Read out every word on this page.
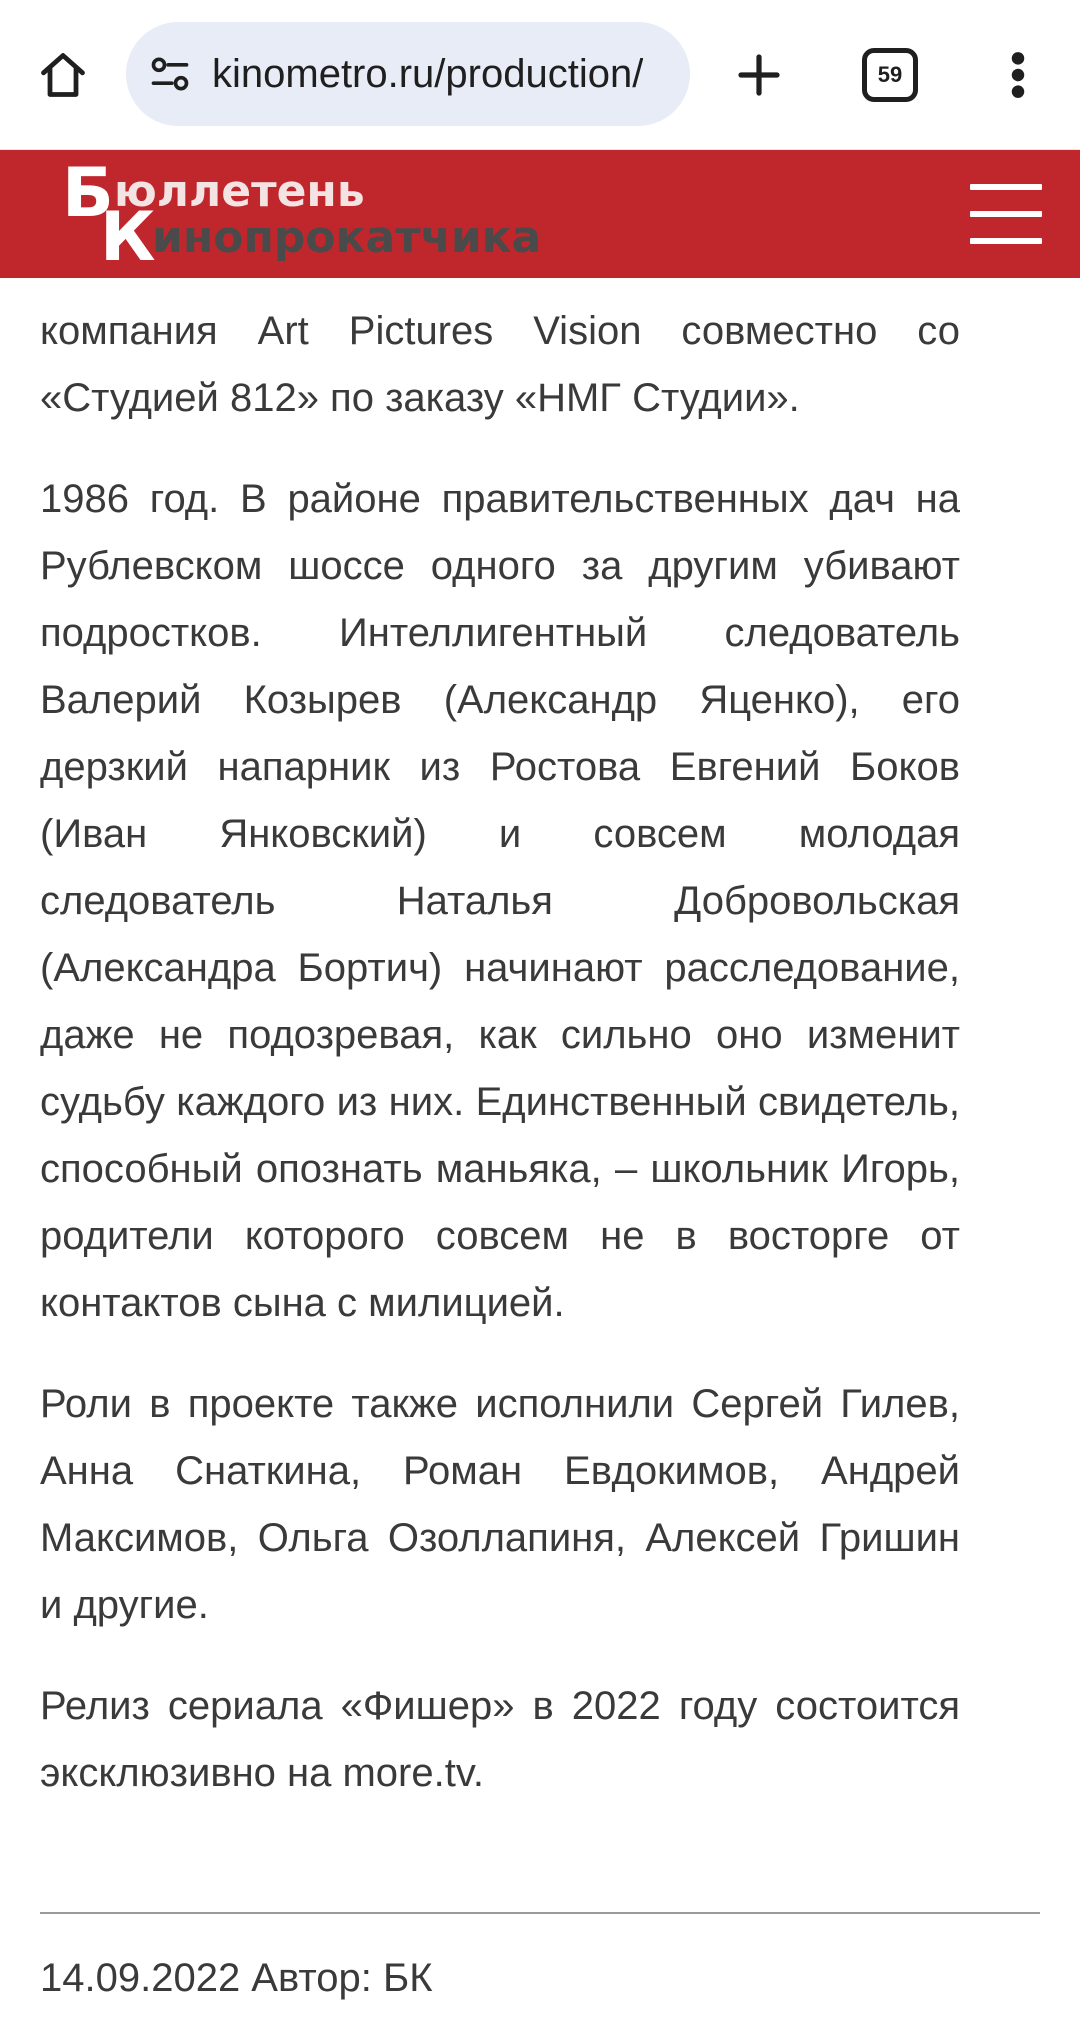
kinometro.ru/production/	59
Б юллетень
К
инопрокатчика

компания Art Pictures Vision совместно со «Студией 812» по заказу «НМГ Студии».

1986 год. В районе правительственных дач на Рублевском шоссе одного за другим убивают подростков. Интеллигентный следователь Валерий Козырев (Александр Яценко), его дерзкий напарник из Ростова Евгений Боков (Иван Янковский) и совсем молодая следователь Наталья Добровольская (Александра Бортич) начинают расследование, даже не подозревая, как сильно оно изменит судьбу каждого из них. Единственный свидетель, способный опознать маньяка, – школьник Игорь, родители которого совсем не в восторге от контактов сына с милицией.

Роли в проекте также исполнили Сергей Гилев, Анна Снаткина, Роман Евдокимов, Андрей Максимов, Ольга Озоллапиня, Алексей Гришин и другие.

Релиз сериала «Фишер» в 2022 году состоится эксклюзивно на more.tv.

14.09.2022 Автор: БК
